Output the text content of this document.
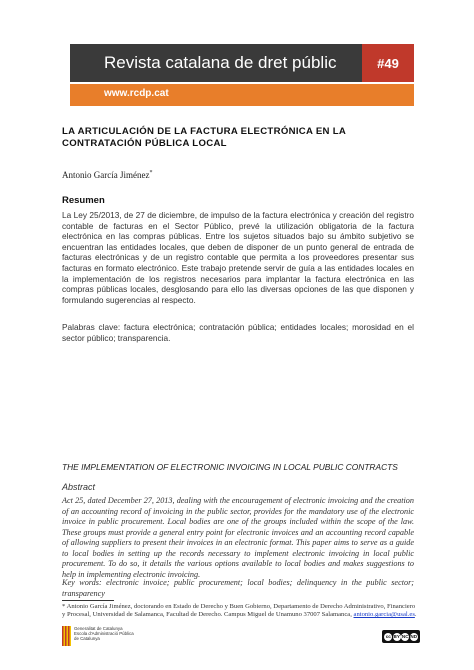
Revista catalana de dret públic	#49
www.rcdp.cat
LA ARTICULACIÓN DE LA FACTURA ELECTRÓNICA EN LA CONTRATACIÓN PÚBLICA LOCAL
Antonio García Jiménez*
Resumen
La Ley 25/2013, de 27 de diciembre, de impulso de la factura electrónica y creación del registro contable de facturas en el Sector Público, prevé la utilización obligatoria de la factura electrónica en las compras públicas. Entre los sujetos situados bajo su ámbito subjetivo se encuentran las entidades locales, que deben de disponer de un punto general de entrada de facturas electrónicas y de un registro contable que permita a los proveedores presentar sus facturas en formato electrónico. Este trabajo pretende servir de guía a las entidades locales en la implementación de los registros necesarios para implantar la factura electrónica en las compras públicas locales, desglosando para ello las diversas opciones de las que disponen y formulando sugerencias al respecto.
Palabras clave: factura electrónica; contratación pública; entidades locales; morosidad en el sector público; transparencia.
THE IMPLEMENTATION OF ELECTRONIC INVOICING IN LOCAL PUBLIC CONTRACTS
Abstract
Act 25, dated December 27, 2013, dealing with the encouragement of electronic invoicing and the creation of an accounting record of invoicing in the public sector, provides for the mandatory use of the electronic invoice in public procurement. Local bodies are one of the groups included within the scope of the law. These groups must provide a general entry point for electronic invoices and an accounting record capable of allowing suppliers to present their invoices in an electronic format. This paper aims to serve as a guide to local bodies in setting up the records necessary to implement electronic invoicing in local public procurement. To do so, it details the various options available to local bodies and makes suggestions to help in implementing electronic invoicing.
Key words: electronic invoice; public procurement; local bodies; delinquency in the public sector; transparency
* Antonio García Jiménez, doctorando en Estado de Derecho y Buen Gobierno, Departamento de Derecho Administrativo, Financiero y Procesal, Universidad de Salamanca, Facultad de Derecho. Campus Miguel de Unamuno 37007 Salamanca, antonio.garcia@usal.es.
Generalitat de Catalunya
Escola d'Administració Pública
de Catalunya	cc BY NC ND
